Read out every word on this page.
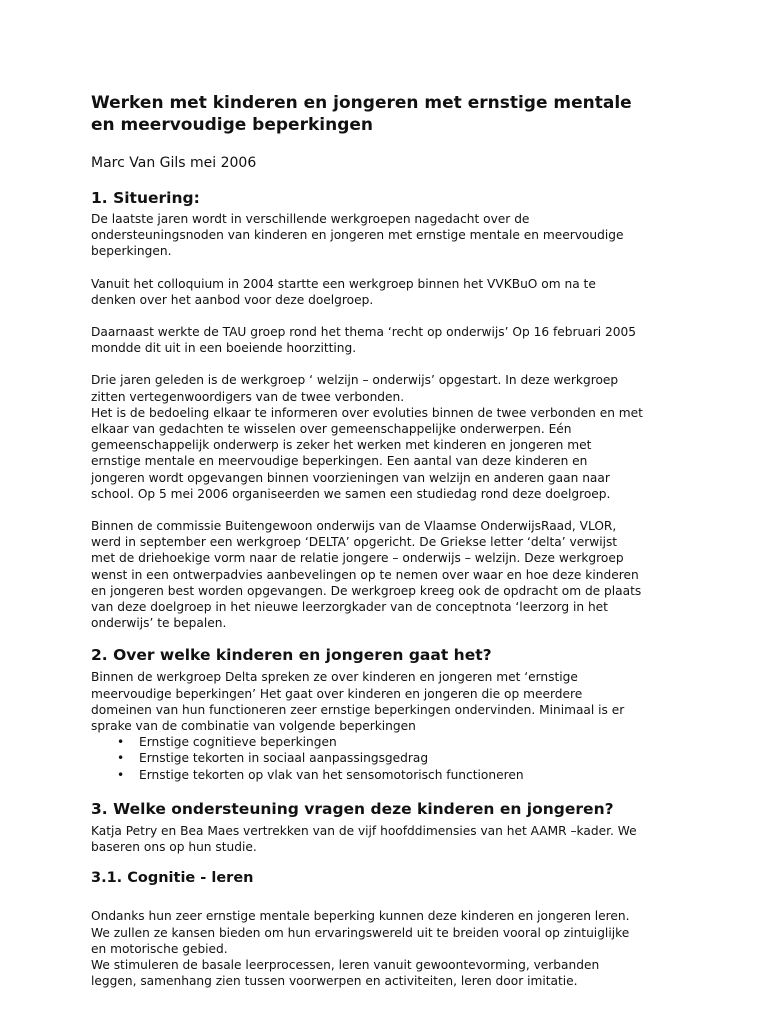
Werken met kinderen en jongeren met ernstige mentale
en meervoudige beperkingen

Marc Van Gils mei 2006

1. Situering:

De laatste jaren wordt in verschillende werkgroepen nagedacht over de
ondersteuningsnoden van kinderen en jongeren met ernstige mentale en meervoudige
beperkingen.

Vanuit het colloquium in 2004 startte een werkgroep binnen het VVKBuO om na te
denken over het aanbod voor deze doelgroep.

Daarnaast werkte de TAU groep rond het thema ‘recht op onderwijs’ Op 16 februari 2005
mondde dit uit in een boeiende hoorzitting.

Drie jaren geleden is de werkgroep ‘ welzijn – onderwijs’ opgestart. In deze werkgroep
zitten vertegenwoordigers van de twee verbonden.
Het is de bedoeling elkaar te informeren over evoluties binnen de twee verbonden en met
elkaar van gedachten te wisselen over gemeenschappelijke onderwerpen. Eén
gemeenschappelijk onderwerp is zeker het werken met kinderen en jongeren met
ernstige mentale en meervoudige beperkingen. Een aantal van deze kinderen en
jongeren wordt opgevangen binnen voorzieningen van welzijn en anderen gaan naar
school. Op 5 mei 2006 organiseerden we samen een studiedag rond deze doelgroep.

Binnen de commissie Buitengewoon onderwijs van de Vlaamse OnderwijsRaad, VLOR,
werd in september een werkgroep ‘DELTA’ opgericht. De Griekse letter ‘delta’ verwijst
met de driehoekige vorm naar de relatie jongere – onderwijs – welzijn. Deze werkgroep
wenst in een ontwerpadvies aanbevelingen op te nemen over waar en hoe deze kinderen
en jongeren best worden opgevangen. De werkgroep kreeg ook de opdracht om de plaats
van deze doelgroep in het nieuwe leerzorgkader van de conceptnota ‘leerzorg in het
onderwijs’ te bepalen.

2. Over welke kinderen en jongeren gaat het?

Binnen de werkgroep Delta spreken ze over kinderen en jongeren met ‘ernstige
meervoudige beperkingen’ Het gaat over kinderen en jongeren die op meerdere
domeinen van hun functioneren zeer ernstige beperkingen ondervinden. Minimaal is er
sprake van de combinatie van volgende beperkingen

• Ernstige cognitieve beperkingen
• Ernstige tekorten in sociaal aanpassingsgedrag
• Ernstige tekorten op vlak van het sensomotorisch functioneren
3. Welke ondersteuning vragen deze kinderen en jongeren?

Katja Petry en Bea Maes vertrekken van de vijf hoofddimensies van het AAMR –kader. We
baseren ons op hun studie.

3.1. Cognitie - leren

Ondanks hun zeer ernstige mentale beperking kunnen deze kinderen en jongeren leren.
We zullen ze kansen bieden om hun ervaringswereld uit te breiden vooral op zintuiglijke
en motorische gebied.
We stimuleren de basale leerprocessen, leren vanuit gewoontevorming, verbanden
leggen, samenhang zien tussen voorwerpen en activiteiten, leren door imitatie.
